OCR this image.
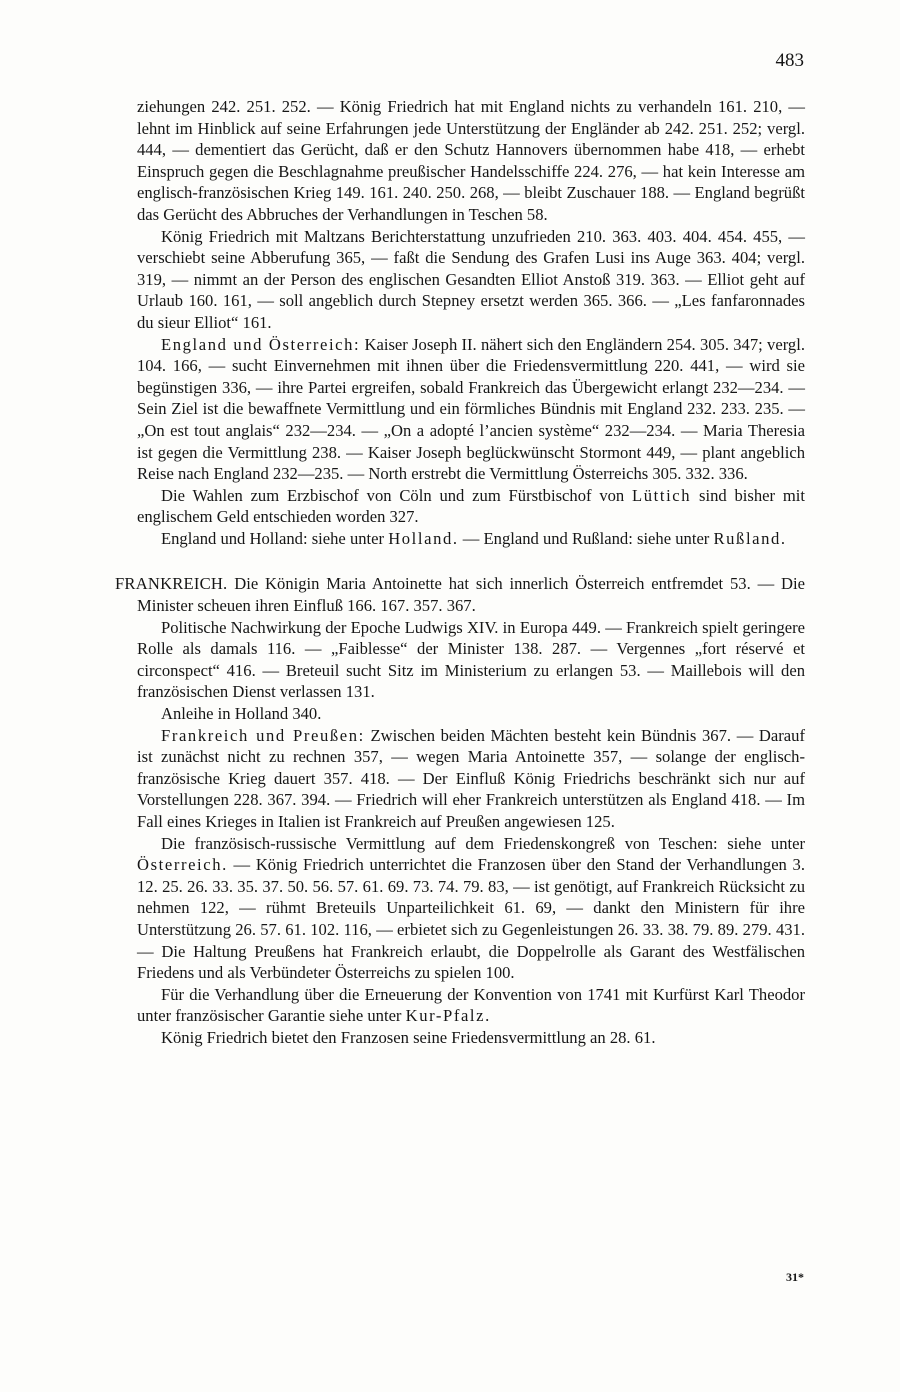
483

ziehungen 242. 251. 252. — König Friedrich hat mit England nichts zu verhandeln 161. 210, — lehnt im Hinblick auf seine Erfahrungen jede Unterstützung der Engländer ab 242. 251. 252; vergl. 444, — dementiert das Gerücht, daß er den Schutz Hannovers übernommen habe 418, — erhebt Einspruch gegen die Beschlagnahme preußischer Handelsschiffe 224. 276, — hat kein Interesse am englisch-französischen Krieg 149. 161. 240. 250. 268, — bleibt Zuschauer 188. — England begrüßt das Gerücht des Abbruches der Verhandlungen in Teschen 58.

König Friedrich mit Maltzans Berichterstattung unzufrieden 210. 363. 403. 404. 454. 455, — verschiebt seine Abberufung 365, — faßt die Sendung des Grafen Lusi ins Auge 363. 404; vergl. 319, — nimmt an der Person des englischen Gesandten Elliot Anstoß 319. 363. — Elliot geht auf Urlaub 160. 161, — soll angeblich durch Stepney ersetzt werden 365. 366. — „Les fanfaronnades du sieur Elliot“ 161.

England und Österreich: Kaiser Joseph II. nähert sich den Engländern 254. 305. 347; vergl. 104. 166, — sucht Einvernehmen mit ihnen über die Friedensvermittlung 220. 441, — wird sie begünstigen 336, — ihre Partei ergreifen, sobald Frankreich das Übergewicht erlangt 232—234. — Sein Ziel ist die bewaffnete Vermittlung und ein förmliches Bündnis mit England 232. 233. 235. — „On est tout anglais“ 232—234. — „On a adopté l’ancien système“ 232—234. — Maria Theresia ist gegen die Vermittlung 238. — Kaiser Joseph beglückwünscht Stormont 449, — plant angeblich Reise nach England 232—235. — North erstrebt die Vermittlung Österreichs 305. 332. 336.

Die Wahlen zum Erzbischof von Cöln und zum Fürstbischof von Lüttich sind bisher mit englischem Geld entschieden worden 327.

England und Holland: siehe unter Holland. — England und Rußland: siehe unter Rußland.

FRANKREICH. Die Königin Maria Antoinette hat sich innerlich Österreich entfremdet 53. — Die Minister scheuen ihren Einfluß 166. 167. 357. 367.

Politische Nachwirkung der Epoche Ludwigs XIV. in Europa 449. — Frankreich spielt geringere Rolle als damals 116. — „Faiblesse“ der Minister 138. 287. — Vergennes „fort réservé et circonspect“ 416. — Breteuil sucht Sitz im Ministerium zu erlangen 53. — Maillebois will den französischen Dienst verlassen 131.

Anleihe in Holland 340.

Frankreich und Preußen: Zwischen beiden Mächten besteht kein Bündnis 367. — Darauf ist zunächst nicht zu rechnen 357, — wegen Maria Antoinette 357, — solange der englisch-französische Krieg dauert 357. 418. — Der Einfluß König Friedrichs beschränkt sich nur auf Vorstellungen 228. 367. 394. — Friedrich will eher Frankreich unterstützen als England 418. — Im Fall eines Krieges in Italien ist Frankreich auf Preußen angewiesen 125.

Die französisch-russische Vermittlung auf dem Friedenskongreß von Teschen: siehe unter Österreich. — König Friedrich unterrichtet die Franzosen über den Stand der Verhandlungen 3. 12. 25. 26. 33. 35. 37. 50. 56. 57. 61. 69. 73. 74. 79. 83, — ist genötigt, auf Frankreich Rücksicht zu nehmen 122, — rühmt Breteuils Unparteilichkeit 61. 69, — dankt den Ministern für ihre Unterstützung 26. 57. 61. 102. 116, — erbietet sich zu Gegenleistungen 26. 33. 38. 79. 89. 279. 431. — Die Haltung Preußens hat Frankreich erlaubt, die Doppelrolle als Garant des Westfälischen Friedens und als Verbündeter Österreichs zu spielen 100.

Für die Verhandlung über die Erneuerung der Konvention von 1741 mit Kurfürst Karl Theodor unter französischer Garantie siehe unter Kur-Pfalz.

König Friedrich bietet den Franzosen seine Friedensvermittlung an 28. 61.

31*
